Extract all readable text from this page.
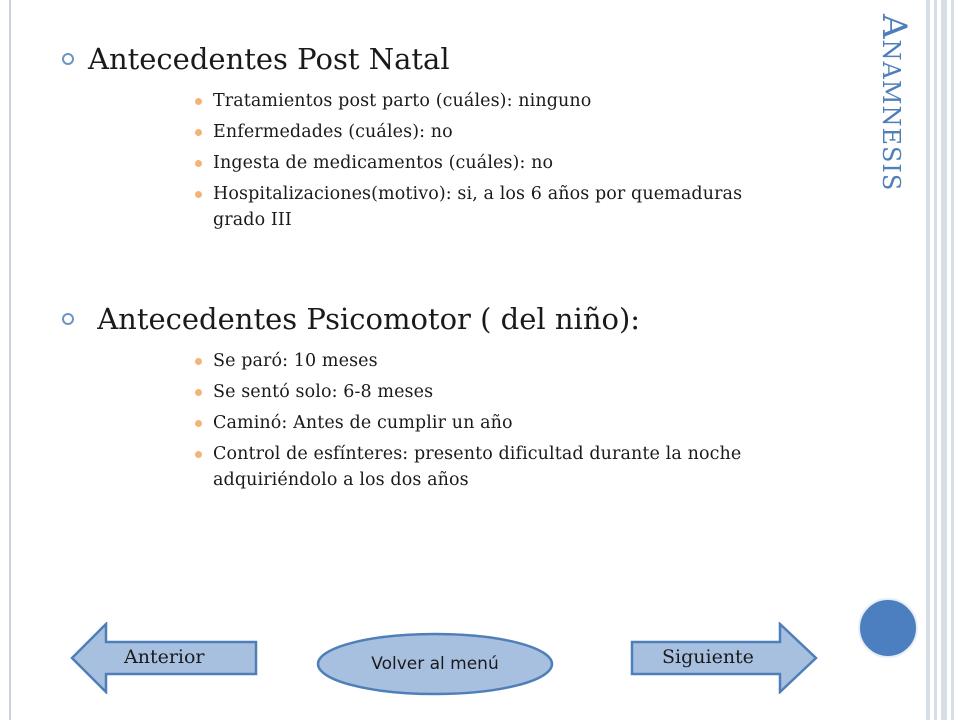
Anamnesis
Antecedentes Post Natal
Tratamientos post parto (cuáles): ninguno
Enfermedades (cuáles): no
Ingesta de medicamentos (cuáles): no
Hospitalizaciones(motivo): si, a los 6 años por quemaduras grado III
Antecedentes Psicomotor ( del niño):
Se paró: 10 meses
Se sentó solo: 6-8 meses
Caminó: Antes de cumplir un año
Control de esfínteres: presento dificultad durante la noche adquiriéndolo a los dos años
Anterior	Volver al menú	Siguiente
